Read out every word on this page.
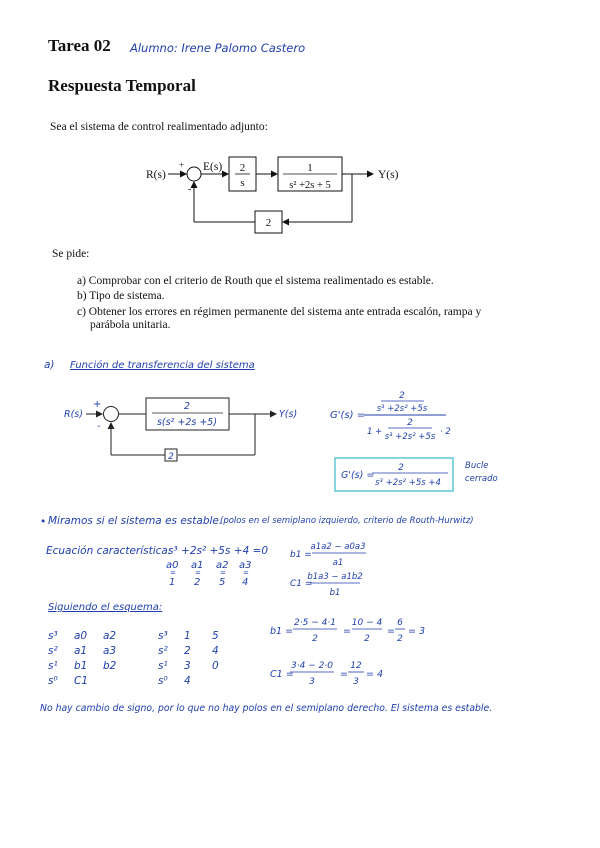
Tarea 02 Alumno: Irene Palomo Castero
Respuesta Temporal
Sea el sistema de control realimentado adjunto:
R(s)
+
-
E(s) 2
s
1
s² +2s + 5
Y(s)
2
Se pide:
a) Comprobar con el criterio de Routh que el sistema realimentado es estable.
b) Tipo de sistema.
c) Obtener los errores en régimen permanente del sistema ante entrada escalón, rampa y
parábola unitaria.
a) Función de transferencia del sistema
R(s)
+
-
2
s(s² +2s +5)
Y(s)
2
G'(s) =
2
s³ +2s² +5s
1 +
2
s³ +2s² +5s · 2
G'(s) =
2
s³ +2s² +5s +4
Bucle
cerrado
• Miramos si el sistema es estable.
(polos en el semiplano izquierdo, criterio de Routh-Hurwitz)
Ecuación característica:
s³ +2s² +5s +4 =0
a0 a1 a2 a3
=	=	= =
1 2 5 4
b1 =
a1a2 − a0a3
a1
C1 =
b1a3 − a1b2
b1
b1 =
2·5 − 4·1
2
=
10 − 4
2
=
6
2
= 3
C1 =
3·4 − 2·0
3
=
12
3
= 4
Siguiendo el esquema:
s³ a0 a2
s² a1 a3
s¹ b1 b2
s⁰ C1
s³ 1 5
s² 2 4
s¹ 3 0
s⁰ 4
No hay cambio de signo, por lo que no hay polos en el semiplano derecho. El sistema es estable.
